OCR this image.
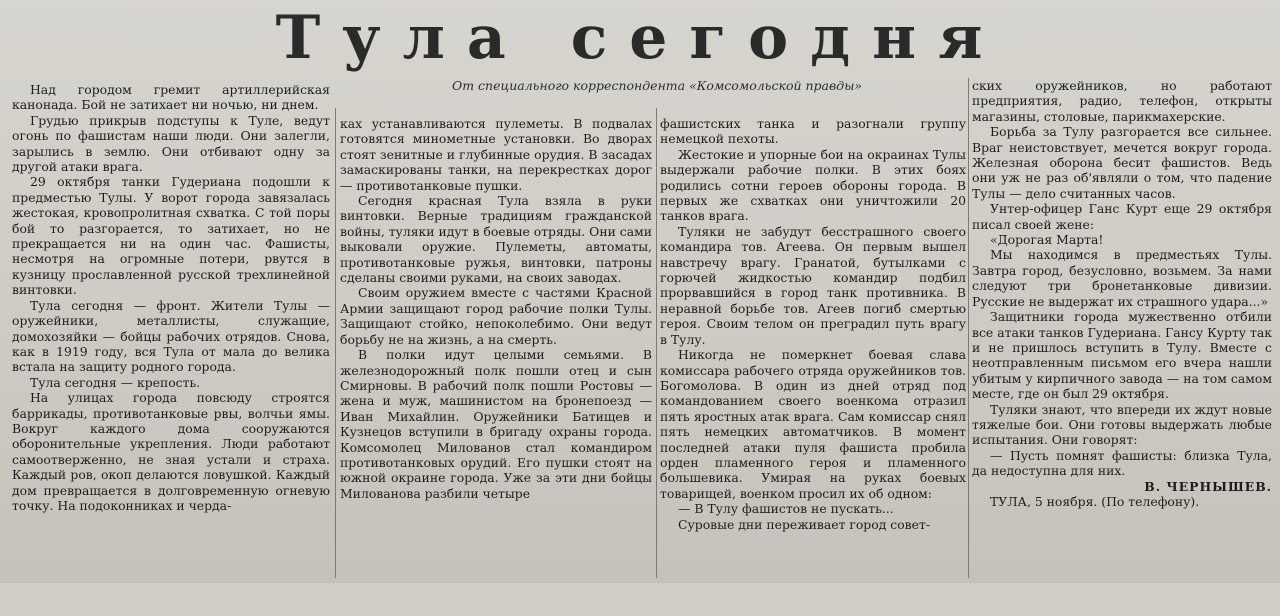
Тула сегодня
От специального корреспондента «Комсомольской правды»

Над городом гремит артиллерийская канонада. Бой не затихает ни ночью, ни днем.

Грудью прикрыв подступы к Туле, ведут огонь по фашистам наши люди. Они залегли, зарылись в землю. Они отбивают одну за другой атаки врага.

29 октября танки Гудериана подошли к предместью Тулы. У ворот города завязалась жестокая, кровопролитная схватка. С той поры бой то разгорается, то затихает, но не прекращается ни на один час. Фашисты, несмотря на огромные потери, рвутся в кузницу прославленной русской трехлинейной винтовки.

Тула сегодня — фронт. Жители Тулы — оружейники, металлисты, служащие, домохозяйки — бойцы рабочих отрядов. Снова, как в 1919 году, вся Тула от мала до велика встала на защиту родного города.

Тула сегодня — крепость.

На улицах города повсюду строятся баррикады, противотанковые рвы, волчьи ямы. Вокруг каждого дома сооружаются оборонительные укрепления. Люди работают самоотверженно, не зная устали и страха. Каждый ров, окоп делаются ловушкой. Каждый дом превращается в долговременную огневую точку. На подоконниках и черда-

ках устанавливаются пулеметы. В подвалах готовятся минометные установки. Во дворах стоят зенитные и глубинные орудия. В засадах замаскированы танки, на перекрестках дорог — противотанковые пушки.

Сегодня красная Тула взяла в руки винтовки. Верные традициям гражданской войны, туляки идут в боевые отряды. Они сами выковали оружие. Пулеметы, автоматы, противотанковые ружья, винтовки, патроны сделаны своими руками, на своих заводах.

Своим оружием вместе с частями Красной Армии защищают город рабочие полки Тулы. Защищают стойко, непоколебимо. Они ведут борьбу не на жизнь, а на смерть.

В полки идут целыми семьями. В железнодорожный полк пошли отец и сын Смирновы. В рабочий полк пошли Ростовы — жена и муж, машинистом на бронепоезд — Иван Михайлин. Оружейники Батищев и Кузнецов вступили в бригаду охраны города. Комсомолец Милованов стал командиром противотанковых орудий. Его пушки стоят на южной окраине города. Уже за эти дни бойцы Милованова разбили четыре

фашистских танка и разогнали группу немецкой пехоты.

Жестокие и упорные бои на окраинах Тулы выдержали рабочие полки. В этих боях родились сотни героев обороны города. В первых же схватках они уничтожили 20 танков врага.

Туляки не забудут бесстрашного своего командира тов. Агеева. Он первым вышел навстречу врагу. Гранатой, бутылками с горючей жидкостью командир подбил прорвавшийся в город танк противника. В неравной борьбе тов. Агеев погиб смертью героя. Своим телом он преградил путь врагу в Тулу.

Никогда не померкнет боевая слава комиссара рабочего отряда оружейников тов. Богомолова. В один из дней отряд под командованием своего военкома отразил пять яростных атак врага. Сам комиссар снял пять немецких автоматчиков. В момент последней атаки пуля фашиста пробила орден пламенного героя и пламенного большевика. Умирая на руках боевых товарищей, военком просил их об одном:

— В Тулу фашистов не пускать...

Суровые дни переживает город совет-

ских оружейников, но работают предприятия, радио, телефон, открыты магазины, столовые, парикмахерские.

Борьба за Тулу разгорается все сильнее. Враг неистовствует, мечется вокруг города. Железная оборона бесит фашистов. Ведь они уж не раз об'являли о том, что падение Тулы — дело считанных часов.

Унтер-офицер Ганс Курт еще 29 октября писал своей жене:

«Дорогая Марта!

Мы находимся в предместьях Тулы. Завтра город, безусловно, возьмем. За нами следуют три бронетанковые дивизии. Русские не выдержат их страшного удара...»

Защитники города мужественно отбили все атаки танков Гудериана. Гансу Курту так и не пришлось вступить в Тулу. Вместе с неотправленным письмом его вчера нашли убитым у кирпичного завода — на том самом месте, где он был 29 октября.

Туляки знают, что впереди их ждут новые тяжелые бои. Они готовы выдержать любые испытания. Они говорят:

— Пусть помнят фашисты: близка Тула, да недоступна для них.

В. ЧЕРНЫШЕВ.

ТУЛА, 5 ноября. (По телефону).
